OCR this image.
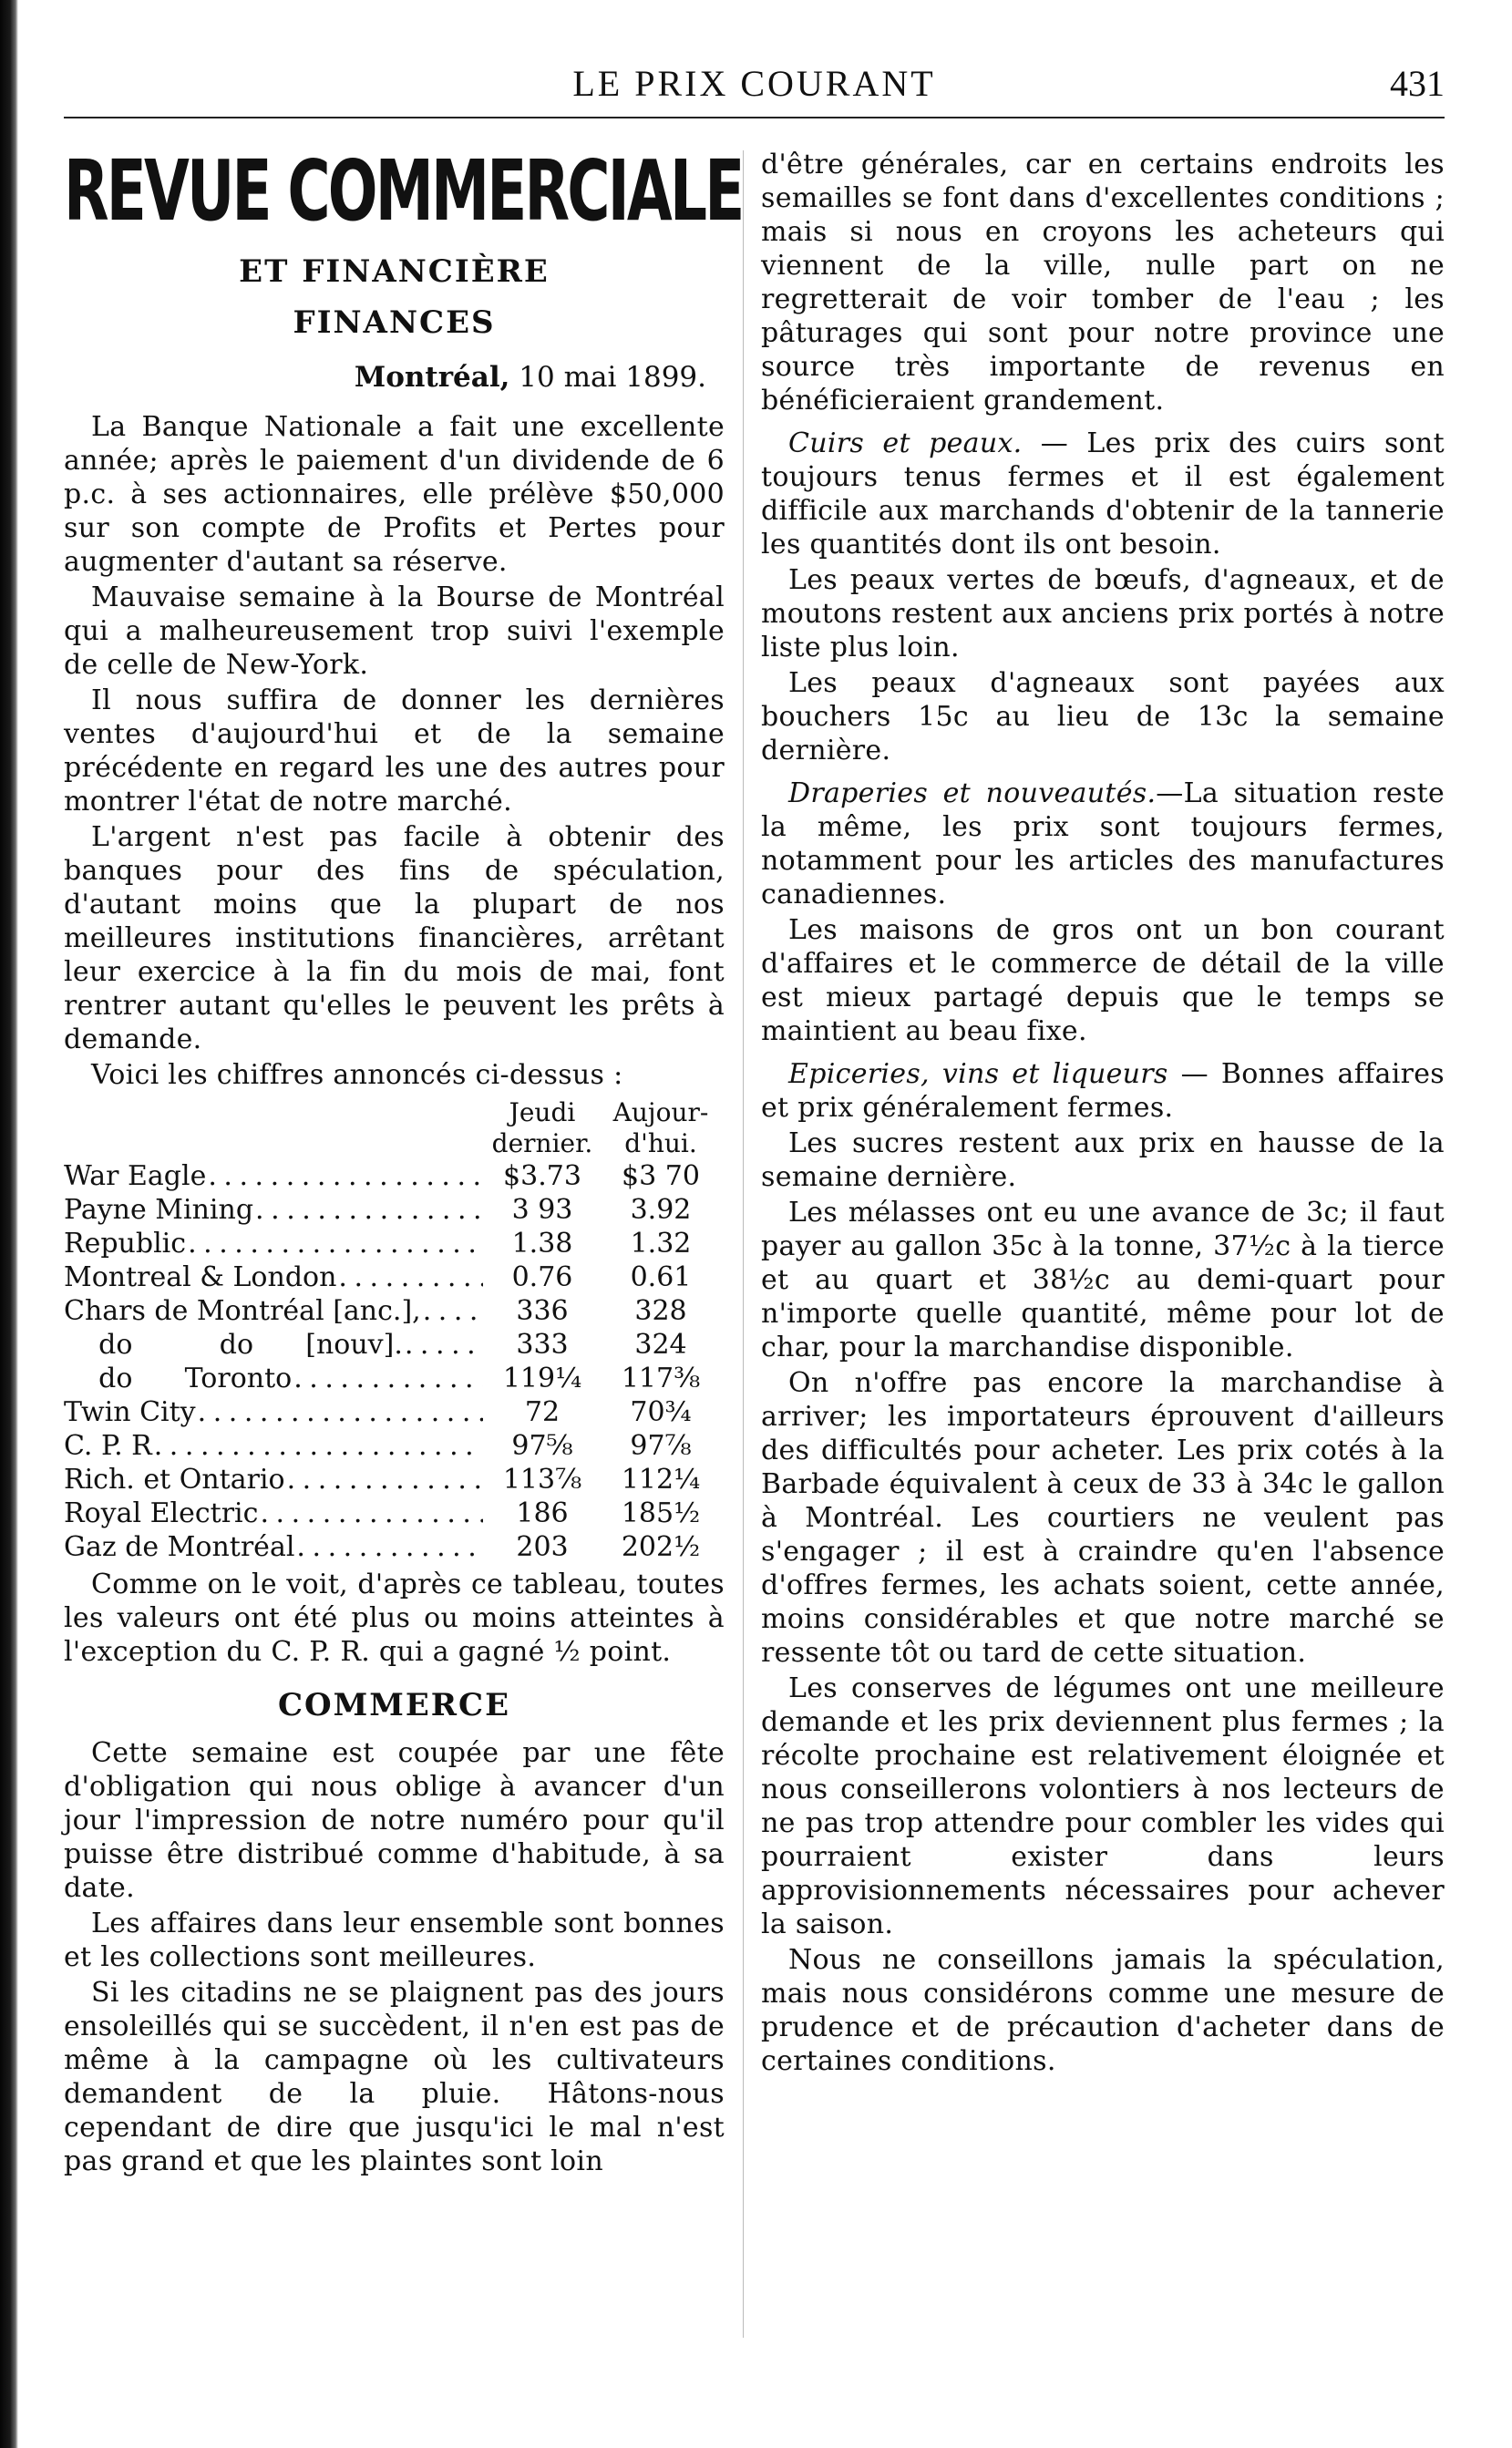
LE PRIX COURANT	431
REVUE COMMERCIALE
ET FINANCIÈRE
FINANCES
Montréal, 10 mai 1899.

La Banque Nationale a fait une excellente année; après le paiement d'un dividende de 6 p.c. à ses actionnaires, elle prélève $50,000 sur son compte de Profits et Pertes pour augmenter d'autant sa réserve.

Mauvaise semaine à la Bourse de Montréal qui a malheureusement trop suivi l'exemple de celle de New-York.

Il nous suffira de donner les dernières ventes d'aujourd'hui et de la semaine précédente en regard les une des autres pour montrer l'état de notre marché.

L'argent n'est pas facile à obtenir des banques pour des fins de spéculation, d'autant moins que la plupart de nos meilleures institutions financières, arrêtant leur exercice à la fin du mois de mai, font rentrer autant qu'elles le peuvent les prêts à demande.

Voici les chiffres annoncés ci-dessus :

Jeudi
dernier.
Aujour-
d'hui.
War Eagle . . .	$3.73	$3 70
Payne Mining . . .	3 93	3.92
Republic . . .	1.38	1.32
Montreal & London . . .	0.76	0.61
Chars de Montréal [anc.], . . .	336	328
do          do      [nouv]. . . .	333	324
do      Toronto . . .	119¼	117⅜
Twin City . . .	72	70¾
C. P. R . . .	97⅝	97⅞
Rich. et Ontario . . .	113⅞	112¼
Royal Electric . . .	186	185½
Gaz de Montréal . . .	203	202½

Comme on le voit, d'après ce tableau, toutes les valeurs ont été plus ou moins atteintes à l'exception du C. P. R. qui a gagné ½ point.

COMMERCE

Cette semaine est coupée par une fête d'obligation qui nous oblige à avancer d'un jour l'impression de notre numéro pour qu'il puisse être distribué comme d'habitude, à sa date.

Les affaires dans leur ensemble sont bonnes et les collections sont meilleures.

Si les citadins ne se plaignent pas des jours ensoleillés qui se succèdent, il n'en est pas de même à la campagne où les cultivateurs demandent de la pluie. Hâtons-nous cependant de dire que jusqu'ici le mal n'est pas grand et que les plaintes sont loin

d'être générales, car en certains endroits les semailles se font dans d'excellentes conditions ; mais si nous en croyons les acheteurs qui viennent de la ville, nulle part on ne regretterait de voir tomber de l'eau ; les pâturages qui sont pour notre province une source très importante de revenus en bénéficieraient grandement.

Cuirs et peaux. — Les prix des cuirs sont toujours tenus fermes et il est également difficile aux marchands d'obtenir de la tannerie les quantités dont ils ont besoin.

Les peaux vertes de bœufs, d'agneaux, et de moutons restent aux anciens prix portés à notre liste plus loin.

Les peaux d'agneaux sont payées aux bouchers 15c au lieu de 13c la semaine dernière.

Draperies et nouveautés.—La situation reste la même, les prix sont toujours fermes, notamment pour les articles des manufactures canadiennes.

Les maisons de gros ont un bon courant d'affaires et le commerce de détail de la ville est mieux partagé depuis que le temps se maintient au beau fixe.

Epiceries, vins et liqueurs — Bonnes affaires et prix généralement fermes.

Les sucres restent aux prix en hausse de la semaine dernière.

Les mélasses ont eu une avance de 3c; il faut payer au gallon 35c à la tonne, 37½c à la tierce et au quart et 38½c au demi-quart pour n'importe quelle quantité, même pour lot de char, pour la marchandise disponible.

On n'offre pas encore la marchandise à arriver; les importateurs éprouvent d'ailleurs des difficultés pour acheter. Les prix cotés à la Barbade équivalent à ceux de 33 à 34c le gallon à Montréal. Les courtiers ne veulent pas s'engager ; il est à craindre qu'en l'absence d'offres fermes, les achats soient, cette année, moins considérables et que notre marché se ressente tôt ou tard de cette situation.

Les conserves de légumes ont une meilleure demande et les prix deviennent plus fermes ; la récolte prochaine est relativement éloignée et nous conseillerons volontiers à nos lecteurs de ne pas trop attendre pour combler les vides qui pourraient exister dans leurs approvisionnements nécessaires pour achever la saison.

Nous ne conseillons jamais la spéculation, mais nous considérons comme une mesure de prudence et de précaution d'acheter dans de certaines conditions.
